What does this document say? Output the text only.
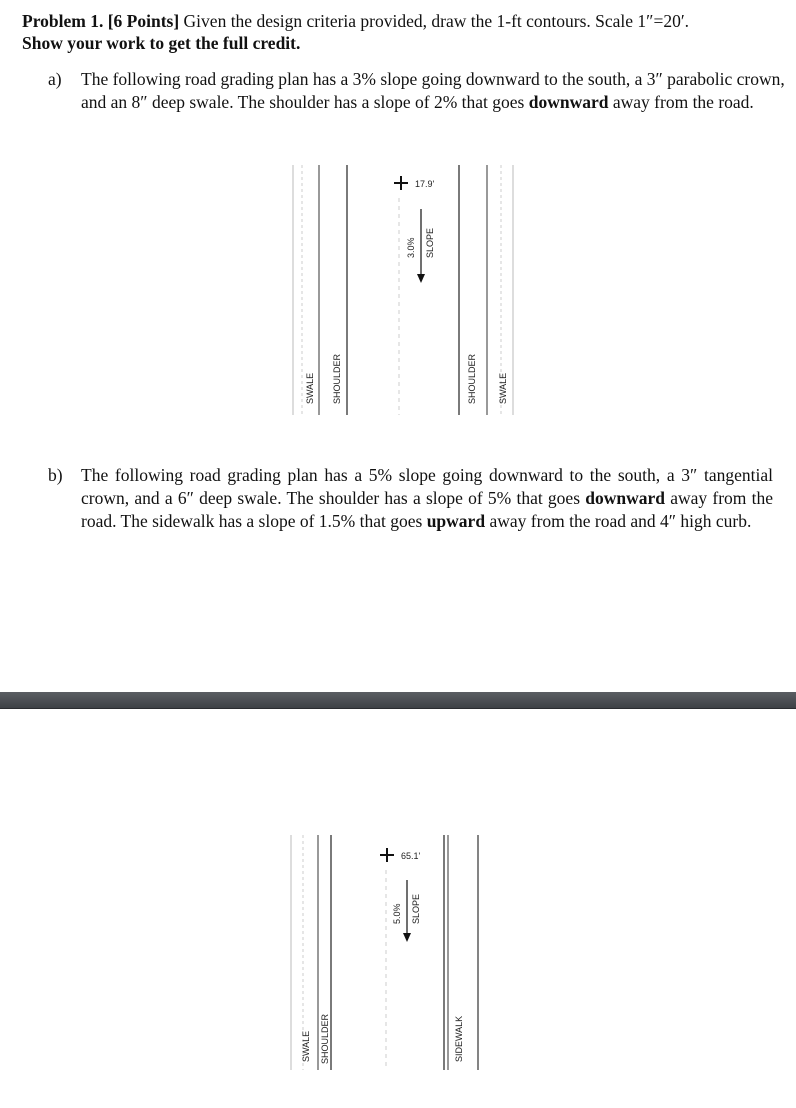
Problem 1. [6 Points] Given the design criteria provided, draw the 1-ft contours. Scale 1″=20′.
Show your work to get the full credit.
a) The following road grading plan has a 3% slope going downward to the south, a 3″ parabolic crown, and an 8″ deep swale. The shoulder has a slope of 2% that goes downward away from the road.
b) The following road grading plan has a 5% slope going downward to the south, a 3″ tangential crown, and a 6″ deep swale. The shoulder has a slope of 5% that goes downward away from the road. The sidewalk has a slope of 1.5% that goes upward away from the road and 4″ high curb.
17.9'
3.0% SLOPE
SWALE SHOULDER	SHOULDER SWALE
65.1'
5.0% SLOPE
SWALE SHOULDER	SIDEWALK
